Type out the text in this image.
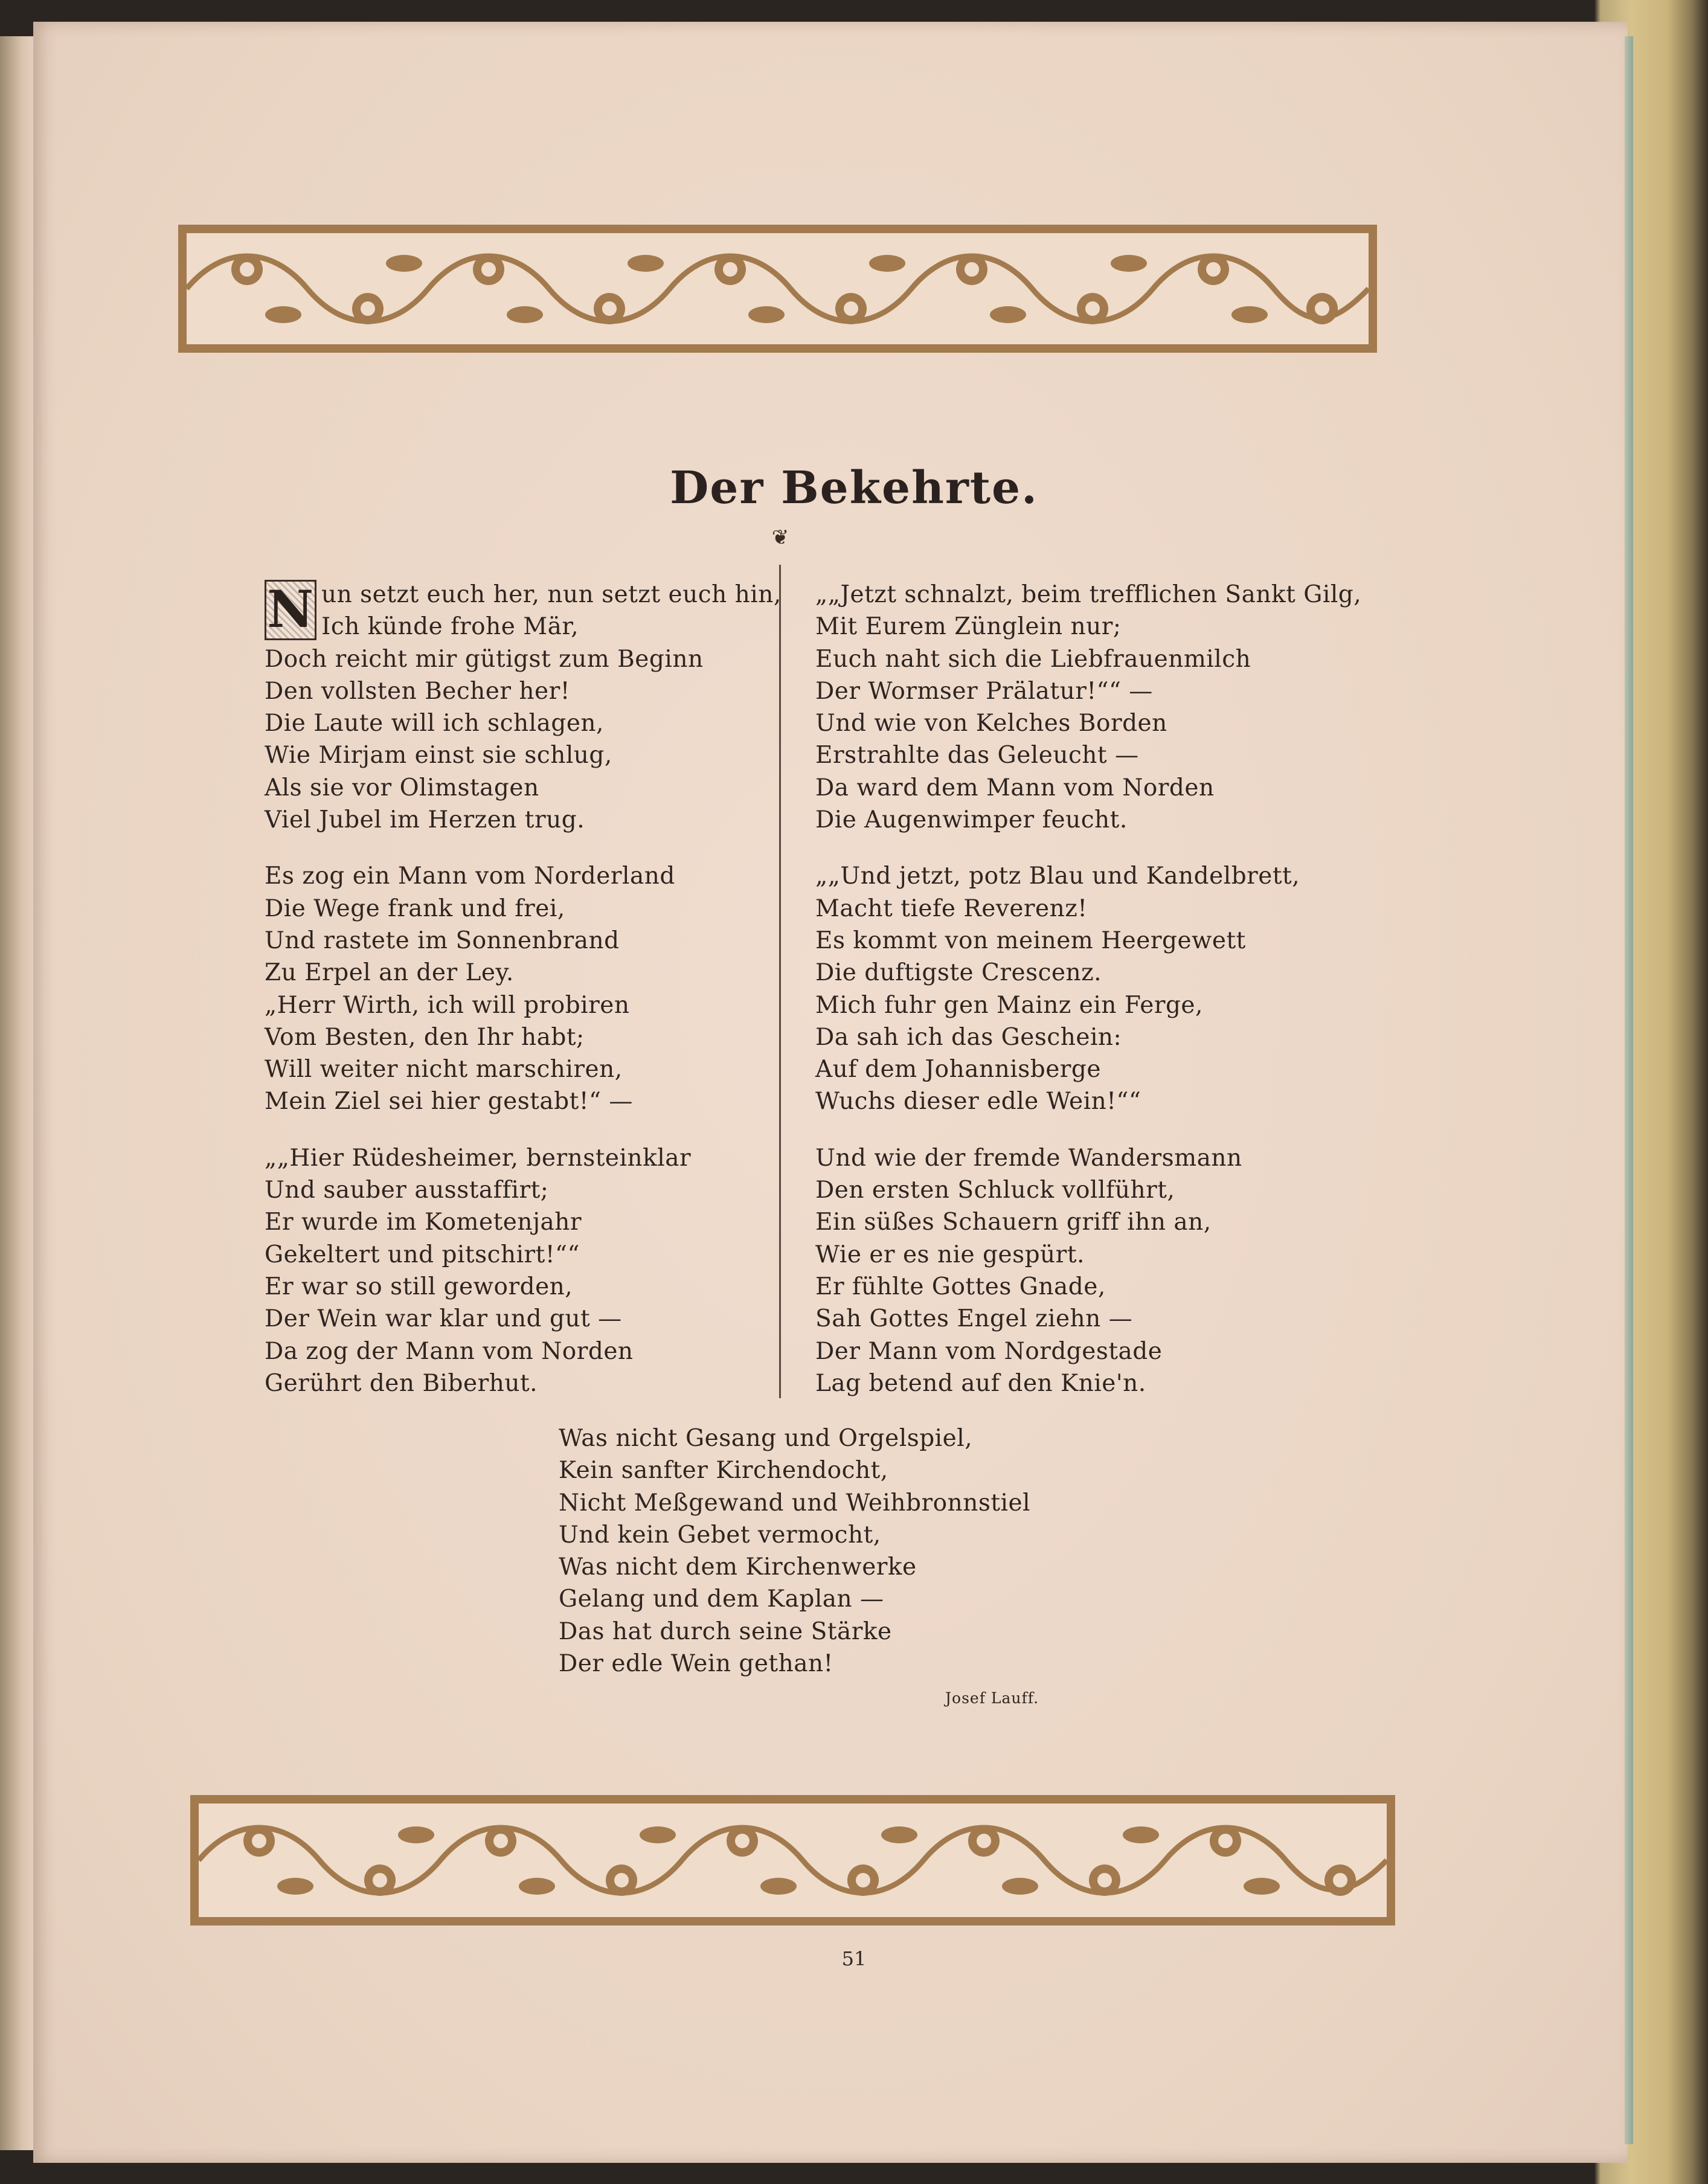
Der Bekehrte.
❦
N un setzt euch her, nun setzt euch hin,
Ich künde frohe Mär,
Doch reicht mir gütigst zum Beginn
Den vollsten Becher her!
Die Laute will ich schlagen,
Wie Mirjam einst sie schlug,
Als sie vor Olimstagen
Viel Jubel im Herzen trug.
Es zog ein Mann vom Norderland
Die Wege frank und frei,
Und rastete im Sonnenbrand
Zu Erpel an der Ley.
„Herr Wirth, ich will probiren
Vom Besten, den Ihr habt;
Will weiter nicht marschiren,
Mein Ziel sei hier gestabt!“ —
„„Hier Rüdesheimer, bernsteinklar
Und sauber ausstaffirt;
Er wurde im Kometenjahr
Gekeltert und pitschirt!““
Er war so still geworden,
Der Wein war klar und gut —
Da zog der Mann vom Norden
Gerührt den Biberhut.
„„Jetzt schnalzt, beim trefflichen Sankt Gilg,
Mit Eurem Zünglein nur;
Euch naht sich die Liebfrauenmilch
Der Wormser Prälatur!““ —
Und wie von Kelches Borden
Erstrahlte das Geleucht —
Da ward dem Mann vom Norden
Die Augenwimper feucht.
„„Und jetzt, potz Blau und Kandelbrett,
Macht tiefe Reverenz!
Es kommt von meinem Heergewett
Die duftigste Crescenz.
Mich fuhr gen Mainz ein Ferge,
Da sah ich das Geschein:
Auf dem Johannisberge
Wuchs dieser edle Wein!““
Und wie der fremde Wandersmann
Den ersten Schluck vollführt,
Ein süßes Schauern griff ihn an,
Wie er es nie gespürt.
Er fühlte Gottes Gnade,
Sah Gottes Engel ziehn —
Der Mann vom Nordgestade
Lag betend auf den Knie'n.
Was nicht Gesang und Orgelspiel,
Kein sanfter Kirchendocht,
Nicht Meßgewand und Weihbronnstiel
Und kein Gebet vermocht,
Was nicht dem Kirchenwerke
Gelang und dem Kaplan —
Das hat durch seine Stärke
Der edle Wein gethan!
Josef Lauff.
51
